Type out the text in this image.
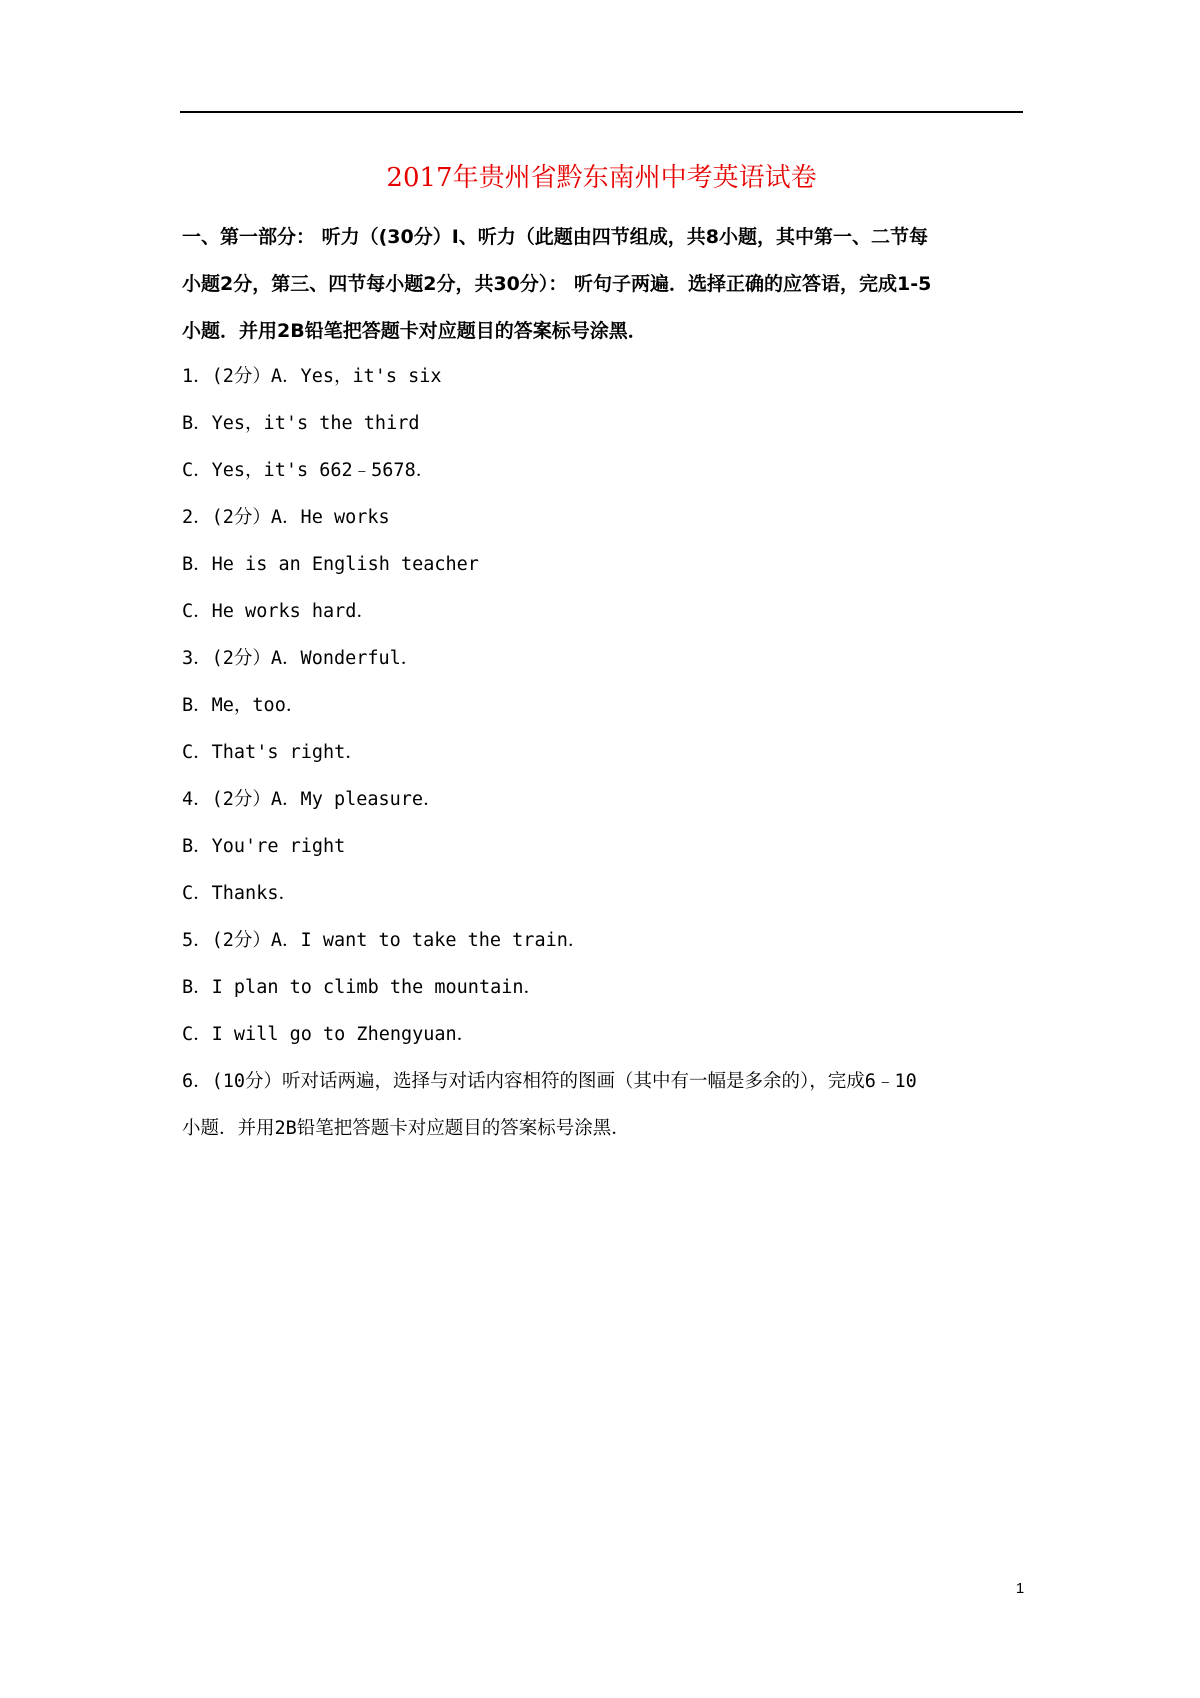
2017年贵州省黔东南州中考英语试卷
一、第一部分： 听力（(30分）I、听力（此题由四节组成，共8小题，其中第一、二节每
小题2分，第三、四节每小题2分，共30分）： 听句子两遍．选择正确的应答语，完成1-5
小题．并用2B铅笔把答题卡对应题目的答案标号涂黑．
1．(2分）A．Yes，it's six
B．Yes，it's the third
C．Yes，it's 662﹣5678．
2．(2分）A．He works
B．He is an English teacher
C．He works hard．
3．(2分）A．Wonderful．
B．Me，too．
C．That's right．
4．(2分）A．My pleasure．
B．You're right
C．Thanks．
5．(2分）A．I want to take the train．
B．I plan to climb the mountain．
C．I will go to Zhengyuan．
6．(10分）听对话两遍，选择与对话内容相符的图画（其中有一幅是多余的），完成6﹣10
小题．并用2B铅笔把答题卡对应题目的答案标号涂黑．
1
